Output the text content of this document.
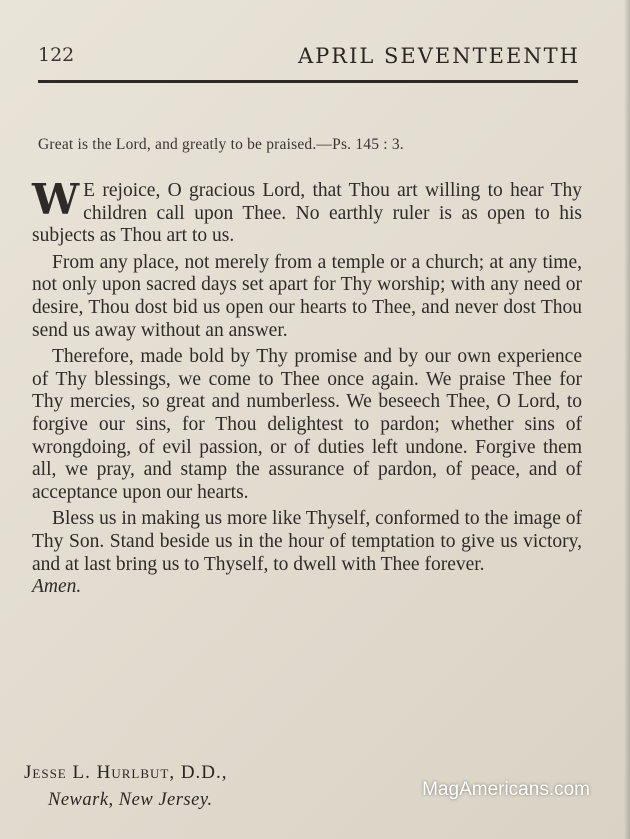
122	APRIL SEVENTEENTH
Great is the Lord, and greatly to be praised.—Ps. 145 : 3.

W E rejoice, O gracious Lord, that Thou art willing to hear Thy children call upon Thee. No earthly ruler is as open to his subjects as Thou art to us.

From any place, not merely from a temple or a church; at any time, not only upon sacred days set apart for Thy worship; with any need or desire, Thou dost bid us open our hearts to Thee, and never dost Thou send us away without an answer.

Therefore, made bold by Thy promise and by our own experience of Thy blessings, we come to Thee once again. We praise Thee for Thy mercies, so great and numberless. We beseech Thee, O Lord, to forgive our sins, for Thou delightest to pardon; whether sins of wrongdoing, of evil passion, or of duties left undone. Forgive them all, we pray, and stamp the assurance of pardon, of peace, and of acceptance upon our hearts.

Bless us in making us more like Thyself, conformed to the image of Thy Son. Stand beside us in the hour of temptation to give us victory, and at last bring us to Thyself, to dwell with Thee forever.
Amen.

Jesse L. Hurlbut, D.D.,
Newark, New Jersey.	MagAmericans.com
